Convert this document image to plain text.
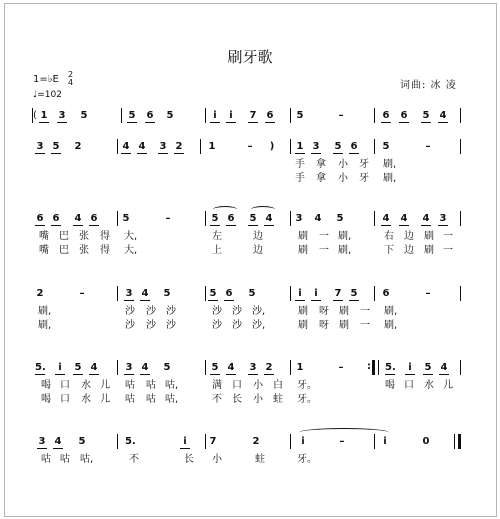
刷牙歌
1=♭E 2
4
♩=102
词曲: 冰 凌
1 3 5	5 6 5	i	i	7 6 5	–	6 6 5 4
3 5 2	4 4 3 2	1	– ) 1 3 5 6	5	–
手 拿 小 牙 刷,
手 拿 小 牙 刷,
6 6 4 6	5	–	5 6 5 4 3 4 5	4 4 4 3
嘴 巴 张 得 大,	左	边	刷 一 刷,	右 边 刷 一
嘴 巴 张 得 大,	上	边	刷 一 刷,	下 边 刷 一
2	–	3 4 5	5 6 5	i	i	7 5	6	–
刷,	沙 沙 沙	沙 沙 沙,	刷 呀 刷 一 刷,
刷,	沙 沙 沙	沙 沙 沙,	刷 呀 刷 一 刷,
5.	i	5 4	3 4 5	5 4 3 2 1	–	5.	i	5 4
喝 口 水 儿 咕 咕 咕,	满 口 小 白 牙。	喝 口 水 儿
喝 口 水 儿 咕 咕 咕,	不 长 小 蛀 牙。
3 4 5	5.	i	7	2	i	–	i	0
咕 咕 咕,	不	长 小	蛀	牙。
(
:
